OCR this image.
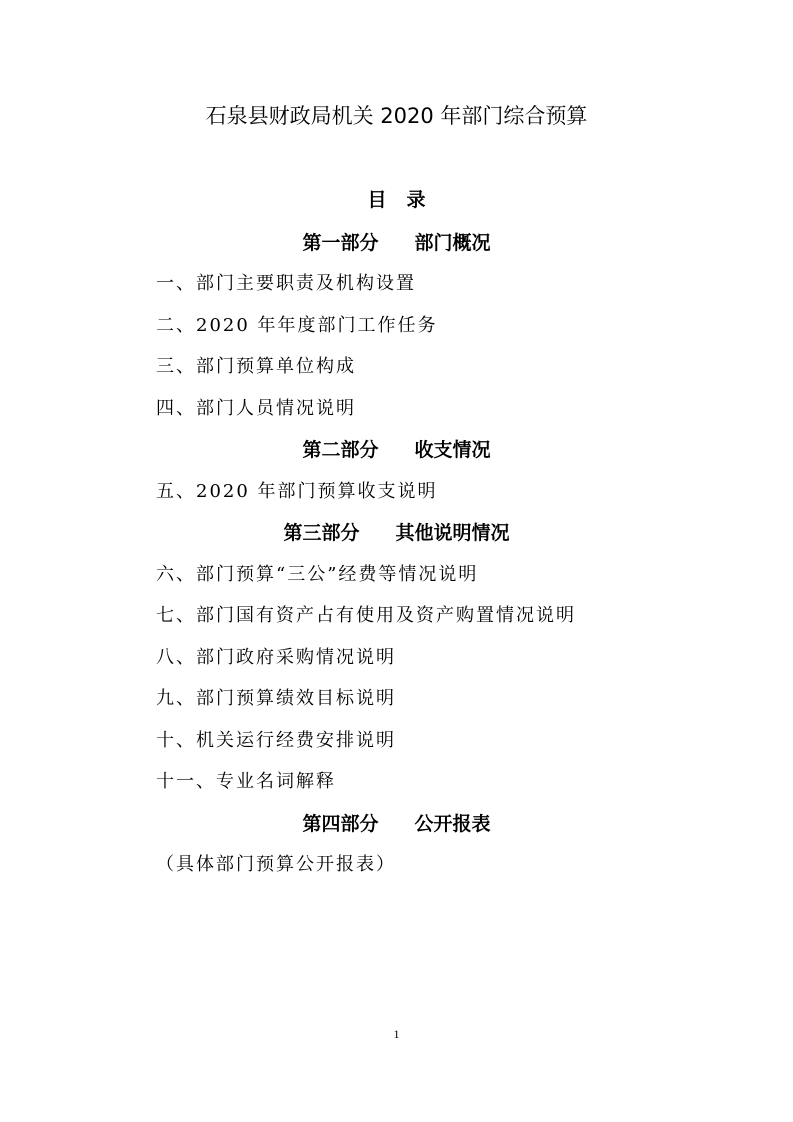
石泉县财政局机关 2020 年部门综合预算
目 录
第一部分 部门概况
一、部门主要职责及机构设置
二、2020 年年度部门工作任务
三、部门预算单位构成
四、部门人员情况说明
第二部分 收支情况
五、2020 年部门预算收支说明
第三部分 其他说明情况
六、部门预算“三公”经费等情况说明
七、部门国有资产占有使用及资产购置情况说明
八、部门政府采购情况说明
九、部门预算绩效目标说明
十、机关运行经费安排说明
十一、专业名词解释
第四部分 公开报表
（具体部门预算公开报表）
1
